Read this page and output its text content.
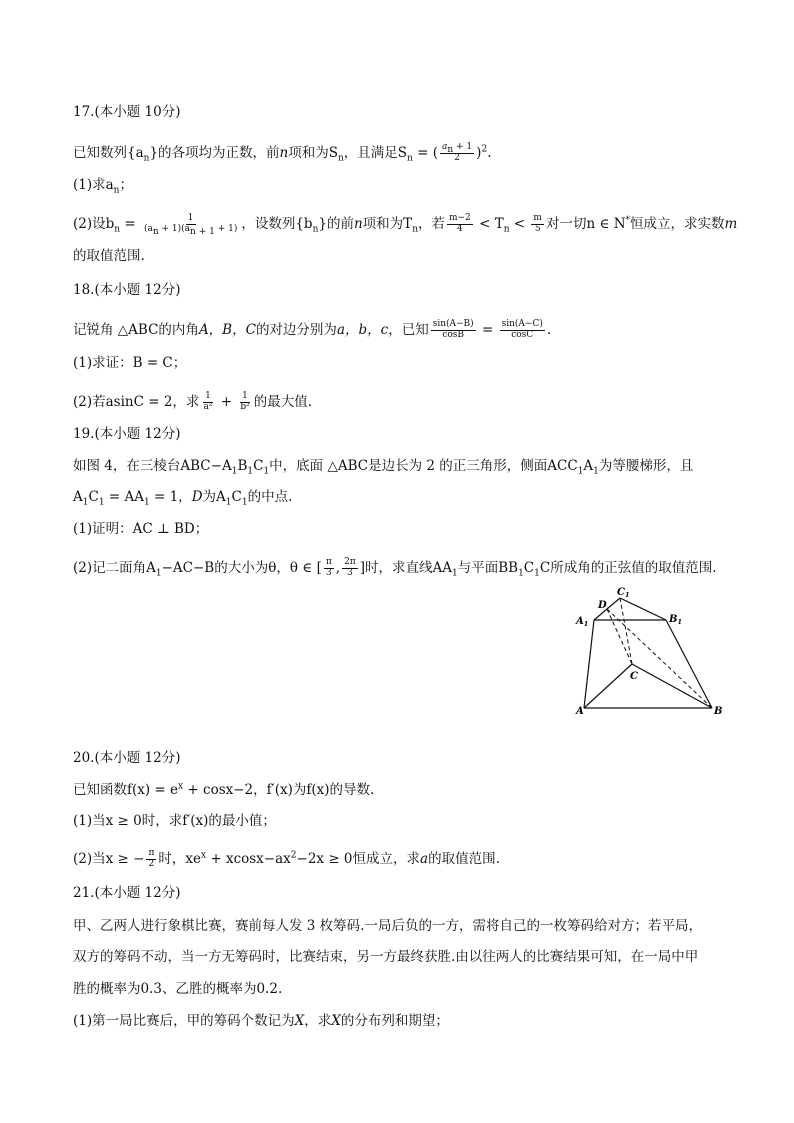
17.(本小题 10分)
已知数列$\{a_n\}$的各项均为正数，前n项和为$S_n$，且满足$S_n$ = ( $\frac{a_n + 1}{2} )^2$.
(1)求$a_n$；
(2)设$b_n = \frac{1}{(a_n + 1)(a_{n + 1} + 1)}$ ，设数列$\{b_n\}$的前n项和为$T_n$，若 $\frac{m-2}{4} < T_n < \frac{m}{5}$ 对一切n ∈ N*恒成立，求实数m
的取值范围.
18.(本小题 12分)
记锐角 △ABC的内角A，B，C的对边分别为a，b，c，已知 $\frac{\sin(A-B)}{\cos B} = \frac{\sin(A-C)}{\cos C}$ .
(1)求证：B = C；
(2)若asinC = 2，求 $\frac{1}{\text{a²}} + \frac{1}{\text{b²}}$ 的最大值.
19.(本小题 12分)
如图 4，在三棱台$ABC-A_1B_1C_1$中，底面 △ABC是边长为 2 的正三角形，侧面$ACC_1A_1$为等腰梯形，且
$A_1C_1 = AA_1 = 1$，D为$A_1C_1$的中点.
(1)证明：AC ⊥ BD；
(2)记二面角$A_1-AC-B$的大小为θ，θ ∈ [ $\frac{\pi}{3}$ , $\frac{2\pi}{3}$ ]时，求直线$AA_1$与平面$BB_1C_1C$所成角的正弦值的取值范围.
$A_1$
D
$C_1$
$B_1$
C
A	B
20.(本小题 12分)
已知函数$f(x) = e^x + \cos x-2$，f′(x)为f(x)的导数.
(1)当x ≥ 0时，求f′(x)的最小值；
(2)当x ≥ − $\frac{\pi}{2}$ 时，$xe^x + xcosx-ax^2-2x \ge 0$恒成立，求a的取值范围.
21.(本小题 12分)
甲、乙两人进行象棋比赛，赛前每人发 3 枚筹码.一局后负的一方，需将自己的一枚筹码给对方；若平局，
双方的筹码不动，当一方无筹码时，比赛结束，另一方最终获胜.由以往两人的比赛结果可知，在一局中甲
胜的概率为0.3、乙胜的概率为0.2.
(1)第一局比赛后，甲的筹码个数记为X，求X的分布列和期望；
